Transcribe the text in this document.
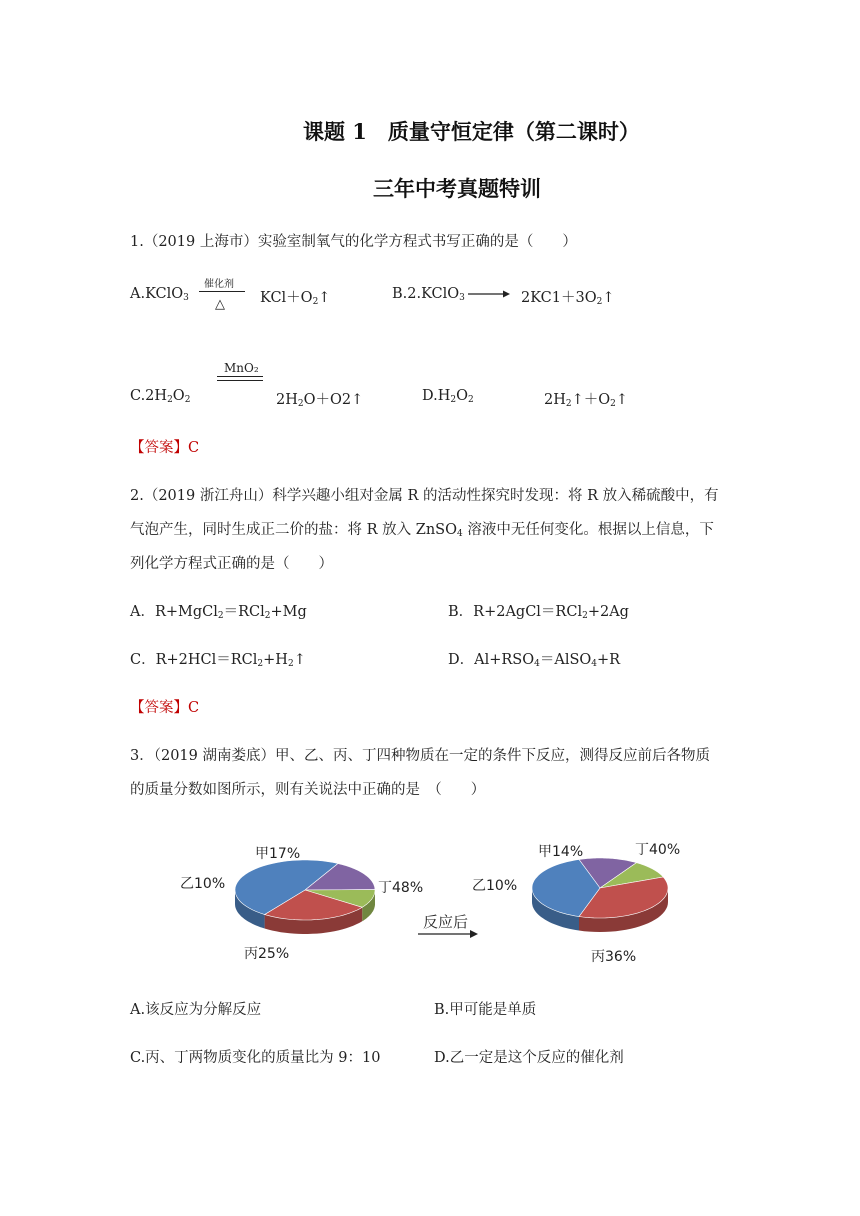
课题 1　质量守恒定律（第二课时）
三年中考真题特训
1.（2019 上海市）实验室制氧气的化学方程式书写正确的是（　　）
A.KClO$_3$
催化剂
△ $KCl+O_2↑$	B.2.KClO$_3$	$2KC1+3O_2↑$
MnO₂
$C.2H_2O_2$	$2H_2O+O2↑$	$D.H_2O_2$	$2H_2↑+O_2↑$
【答案】C
2.（2019 浙江舟山）科学兴趣小组对金属 R 的活动性探究时发现：将 R 放入稀硫酸中，有
气泡产生，同时生成正二价的盐：将 R 放入 ZnSO$_4$ 溶液中无任何变化。根据以上信息，下
列化学方程式正确的是（　　）
A．R+MgCl$_2$＝RCl$_2$+Mg	B．R+2AgCl＝RCl$_2$+2Ag
C．$R+2HCl=RCl_2+H_2↑$	D．$Al+RSO_4=AlSO_4+R$
【答案】C
3．（2019 湖南娄底）甲、乙、丙、丁四种物质在一定的条件下反应，测得反应前后各物质
的质量分数如图所示，则有关说法中正确的是　（　　）
甲17%
乙10%
丙25%
丁48%
甲14%
乙10%
丙36%
丁40%
反应后
A.该反应为分解反应	B.甲可能是单质
C.丙、丁两物质变化的质量比为 9：10	D.乙一定是这个反应的催化剂
